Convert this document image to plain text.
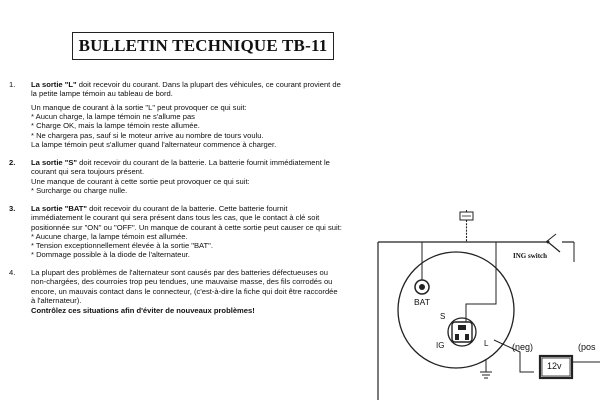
BULLETIN TECHNIQUE TB-11
1. La sortie "L" doit recevoir du courant. Dans la plupart des véhicules, ce courant provient de
la petite lampe témoin au tableau de bord.
Un manque de courant à la sortie "L" peut provoquer ce qui suit:
* Aucun charge, la lampe témoin ne s'allume pas
* Charge OK, mais la lampe témoin reste allumée.
* Ne chargera pas, sauf si le moteur arrive au nombre de tours voulu.
La lampe témoin peut s'allumer quand l'alternateur commence à charger.
2. La sortie "S" doit recevoir du courant de la batterie. La batterie fournit immédiatement le
courant qui sera toujours présent.
Une manque de courant à cette sortie peut provoquer ce qui suit:
* Surcharge ou charge nulle.
3. La sortie "BAT" doit recevoir du courant de la batterie. Cette batterie fournit
immédiatement le courant qui sera présent dans tous les cas, que le contact à clé soit
positionnée sur "ON" ou "OFF". Un manque de courant à cette sortie peut causer ce qui suit:
* Aucune charge, la lampe témoin est allumée.
* Tension exceptionnellement élevée à la sortie "BAT".
* Dommage possible à la diode de l'alternateur.
4. La plupart des problèmes de l'alternateur sont causés par des batteries défectueuses ou
non-chargées, des courroies trop peu tendues, une mauvaise masse, des fils corrodés ou
encore, un mauvais contact dans le connecteur, (c'est-à-dire la fiche qui doit être raccordée
à l'alternateur).
Contrôlez ces situations afin d'éviter de nouveaux problèmes!
ING switch
BAT
S
IG	L	(neg)	(pos
12v
